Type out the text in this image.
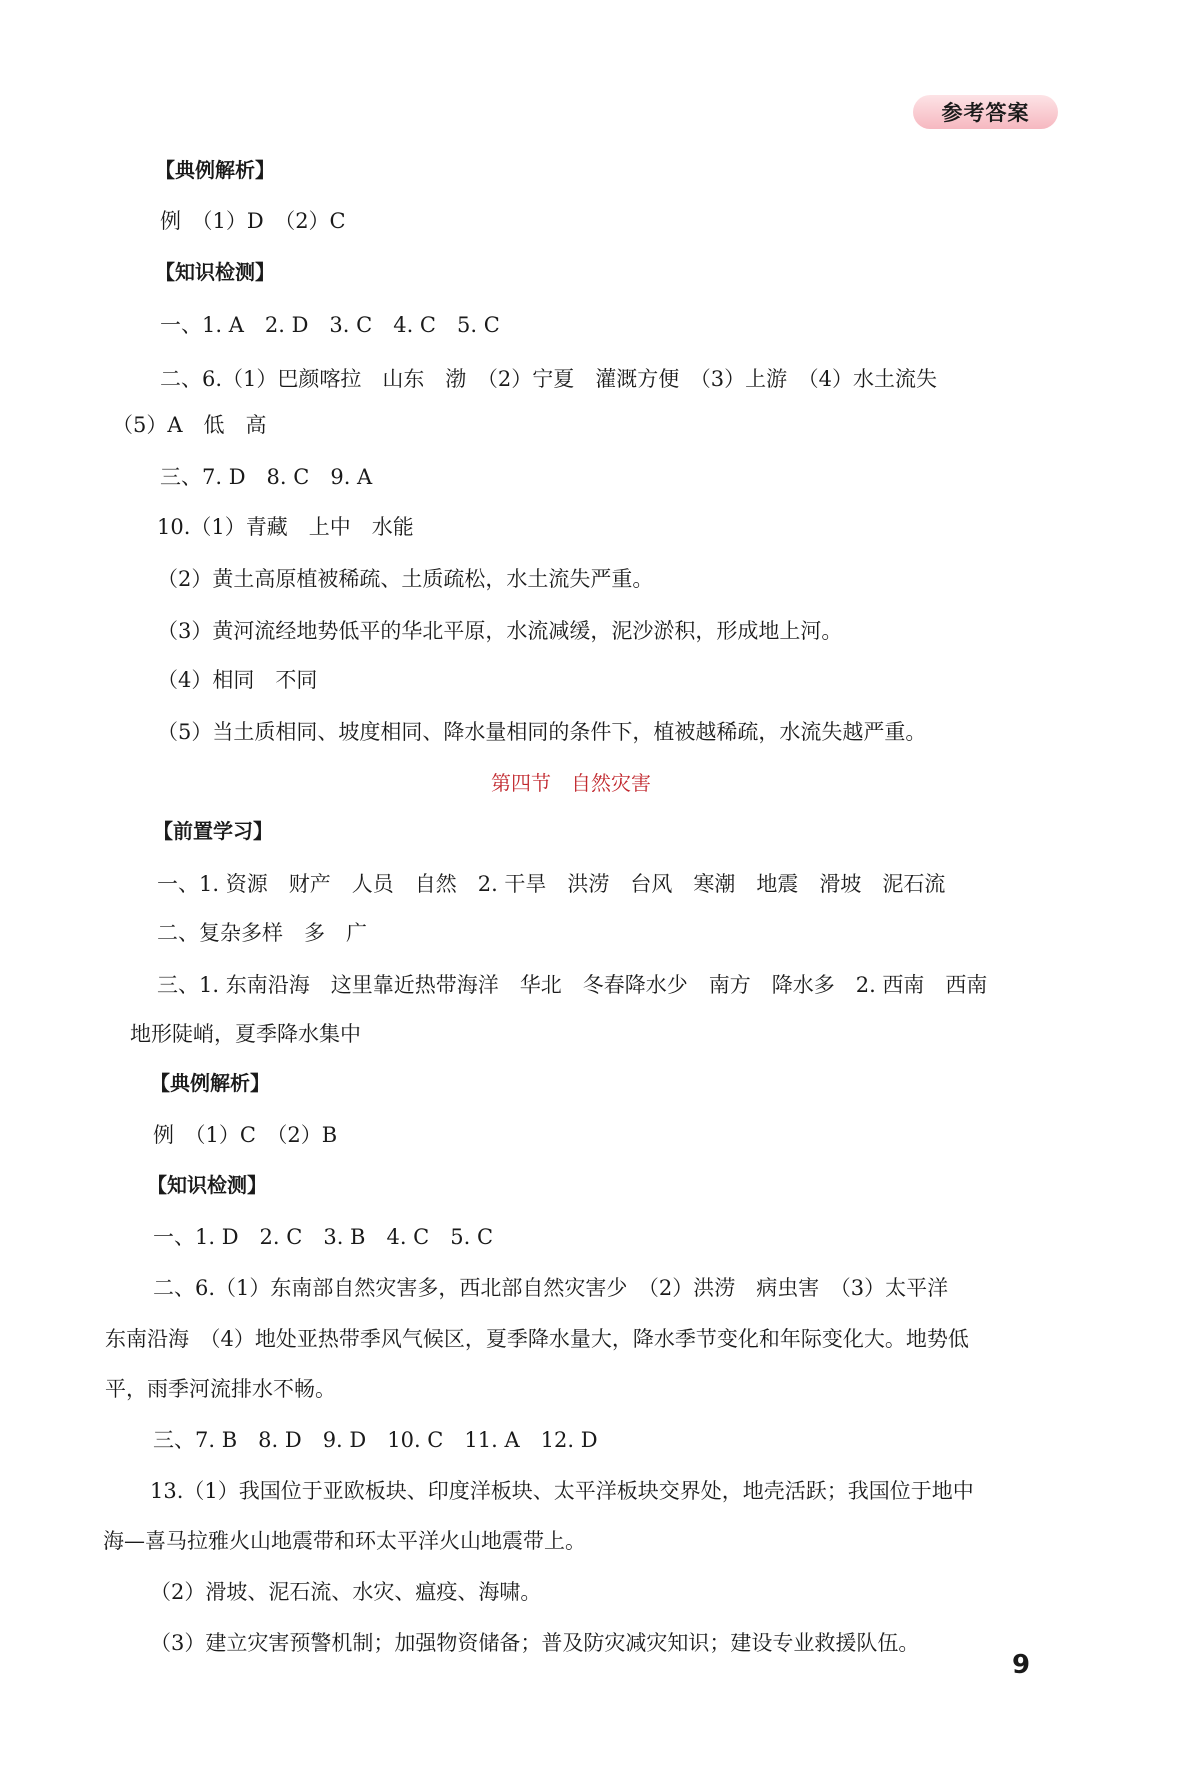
参考答案
【典例解析】
例　（1）D　（2）C
【知识检测】
一、1. A　2. D　3. C　4. C　5. C
二、6.（1）巴颜喀拉　山东　渤　（2）宁夏　灌溉方便　（3）上游　（4）水土流失
（5）A　低　高
三、7. D　8. C　9. A
10.（1）青藏　上中　水能
（2）黄土高原植被稀疏、土质疏松，水土流失严重。
（3）黄河流经地势低平的华北平原，水流减缓，泥沙淤积，形成地上河。
（4）相同　不同
（5）当土质相同、坡度相同、降水量相同的条件下，植被越稀疏，水流失越严重。
第四节　自然灾害
【前置学习】
一、1. 资源　财产　人员　自然　2. 干旱　洪涝　台风　寒潮　地震　滑坡　泥石流
二、复杂多样　多　广
三、1. 东南沿海　这里靠近热带海洋　华北　冬春降水少　南方　降水多　2. 西南　西南
地形陡峭，夏季降水集中
【典例解析】
例　（1）C　（2）B
【知识检测】
一、1. D　2. C　3. B　4. C　5. C
二、6.（1）东南部自然灾害多，西北部自然灾害少　（2）洪涝　病虫害　（3）太平洋
东南沿海　（4）地处亚热带季风气候区，夏季降水量大，降水季节变化和年际变化大。地势低
平，雨季河流排水不畅。
三、7. B　8. D　9. D　10. C　11. A　12. D
13.（1）我国位于亚欧板块、印度洋板块、太平洋板块交界处，地壳活跃；我国位于地中
海—喜马拉雅火山地震带和环太平洋火山地震带上。
（2）滑坡、泥石流、水灾、瘟疫、海啸。
（3）建立灾害预警机制；加强物资储备；普及防灾减灾知识；建设专业救援队伍。
9
